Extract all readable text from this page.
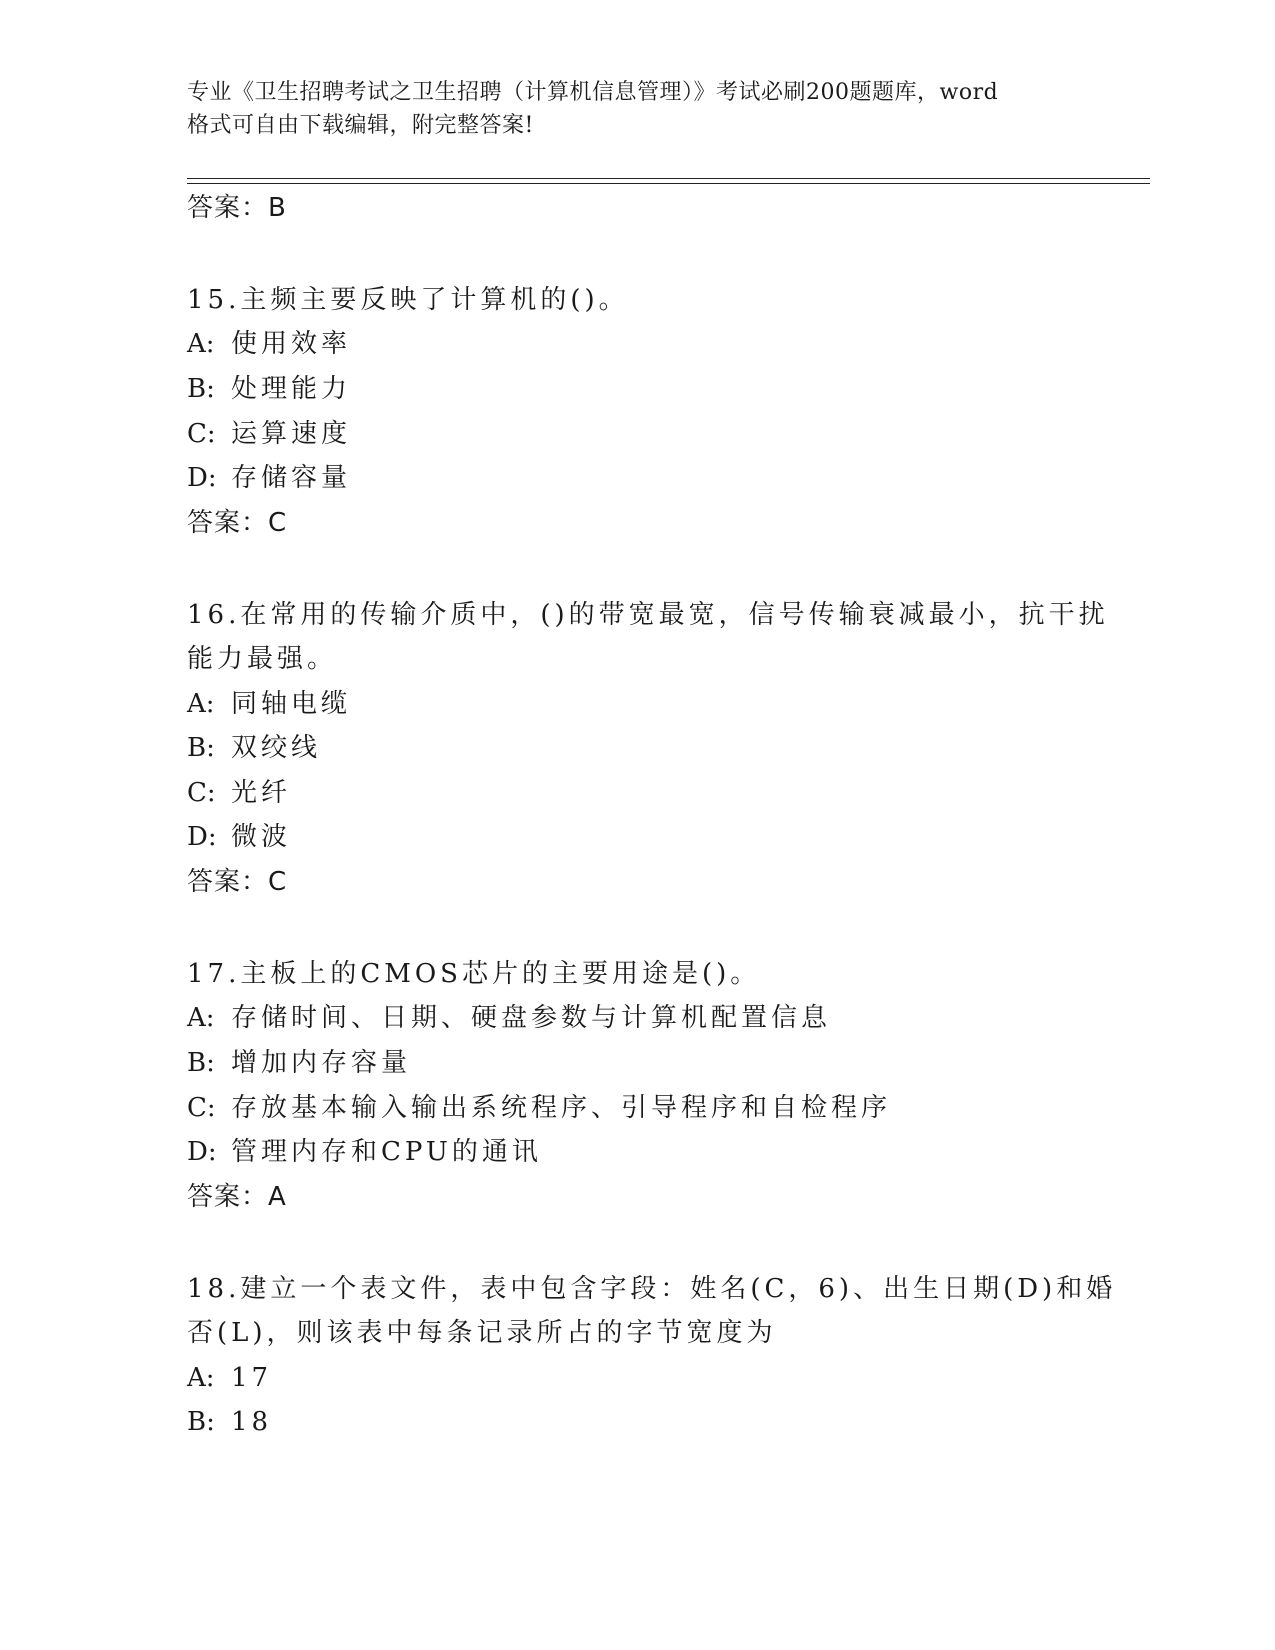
专业《卫生招聘考试之卫生招聘（计算机信息管理）》考试必刷200题题库，word
格式可自由下载编辑，附完整答案!
答案：B
15.主频主要反映了计算机的()。
A: 使用效率
B: 处理能力
C: 运算速度
D: 存储容量
答案：C
16.在常用的传输介质中，()的带宽最宽，信号传输衰减最小，抗干扰
能力最强。
A: 同轴电缆
B: 双绞线
C: 光纤
D: 微波
答案：C
17.主板上的CMOS芯片的主要用途是()。
A: 存储时间、日期、硬盘参数与计算机配置信息
B: 增加内存容量
C: 存放基本输入输出系统程序、引导程序和自检程序
D: 管理内存和CPU的通讯
答案：A
18.建立一个表文件，表中包含字段：姓名(C，6)、出生日期(D)和婚
否(L)，则该表中每条记录所占的字节宽度为
A: 17
B: 18
